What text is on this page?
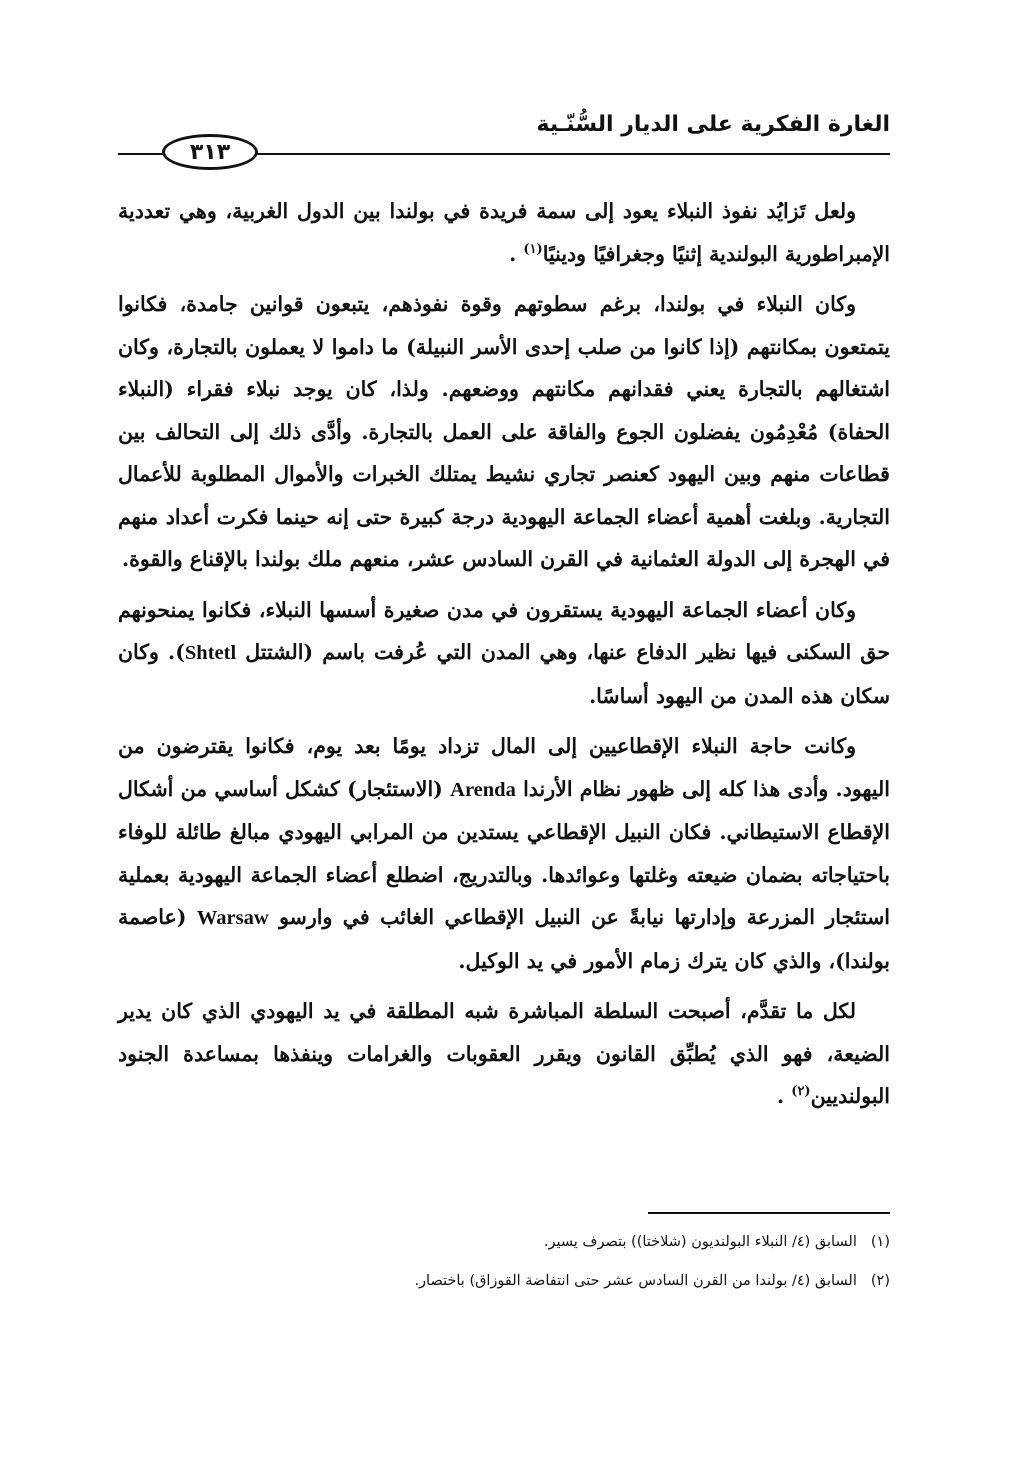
الغارة الفكرية على الديار السُّنّـية
٣١٣

ولعل تَزايُد نفوذ النبلاء يعود إلى سمة فريدة في بولندا بين الدول الغربية، وهي تعددية الإمبراطورية البولندية إثنيًا وجغرافيًا ودينيًا$^{(١)}$ .

وكان النبلاء في بولندا، برغم سطوتهم وقوة نفوذهم، يتبعون قوانين جامدة، فكانوا يتمتعون بمكانتهم (إذا كانوا من صلب إحدى الأسر النبيلة) ما داموا لا يعملون بالتجارة، وكان اشتغالهم بالتجارة يعني فقدانهم مكانتهم ووضعهم. ولذا، كان يوجد نبلاء فقراء (النبلاء الحفاة) مُعْدِمُون يفضلون الجوع والفاقة على العمل بالتجارة. وأدَّى ذلك إلى التحالف بين قطاعات منهم وبين اليهود كعنصر تجاري نشيط يمتلك الخبرات والأموال المطلوبة للأعمال التجارية. وبلغت أهمية أعضاء الجماعة اليهودية درجة كبيرة حتى إنه حينما فكرت أعداد منهم في الهجرة إلى الدولة العثمانية في القرن السادس عشر، منعهم ملك بولندا بالإقناع والقوة.

وكان أعضاء الجماعة اليهودية يستقرون في مدن صغيرة أسسها النبلاء، فكانوا يمنحونهم حق السكنى فيها نظير الدفاع عنها، وهي المدن التي عُرفت باسم (الشتتل Shtetl). وكان سكان هذه المدن من اليهود أساسًا.

وكانت حاجة النبلاء الإقطاعيين إلى المال تزداد يومًا بعد يوم، فكانوا يقترضون من اليهود. وأدى هذا كله إلى ظهور نظام الأرندا Arenda (الاستئجار) كشكل أساسي من أشكال الإقطاع الاستيطاني. فكان النبيل الإقطاعي يستدين من المرابي اليهودي مبالغ طائلة للوفاء باحتياجاته بضمان ضيعته وغلتها وعوائدها. وبالتدريج، اضطلع أعضاء الجماعة اليهودية بعملية استئجار المزرعة وإدارتها نيابةً عن النبيل الإقطاعي الغائب في وارسو Warsaw (عاصمة بولندا)، والذي كان يترك زمام الأمور في يد الوكيل.

لكل ما تقدَّم، أصبحت السلطة المباشرة شبه المطلقة في يد اليهودي الذي كان يدير الضيعة، فهو الذي يُطبِّق القانون ويقرر العقوبات والغرامات وينفذها بمساعدة الجنود البولنديين$^{(٢)}$ .

(١)السابق (٤/ النبلاء البولنديون (شلاختا)) بتصرف يسير.
(٢)السابق (٤/ بولندا من القرن السادس عشر حتى انتفاضة القوزاق) باختصار.
